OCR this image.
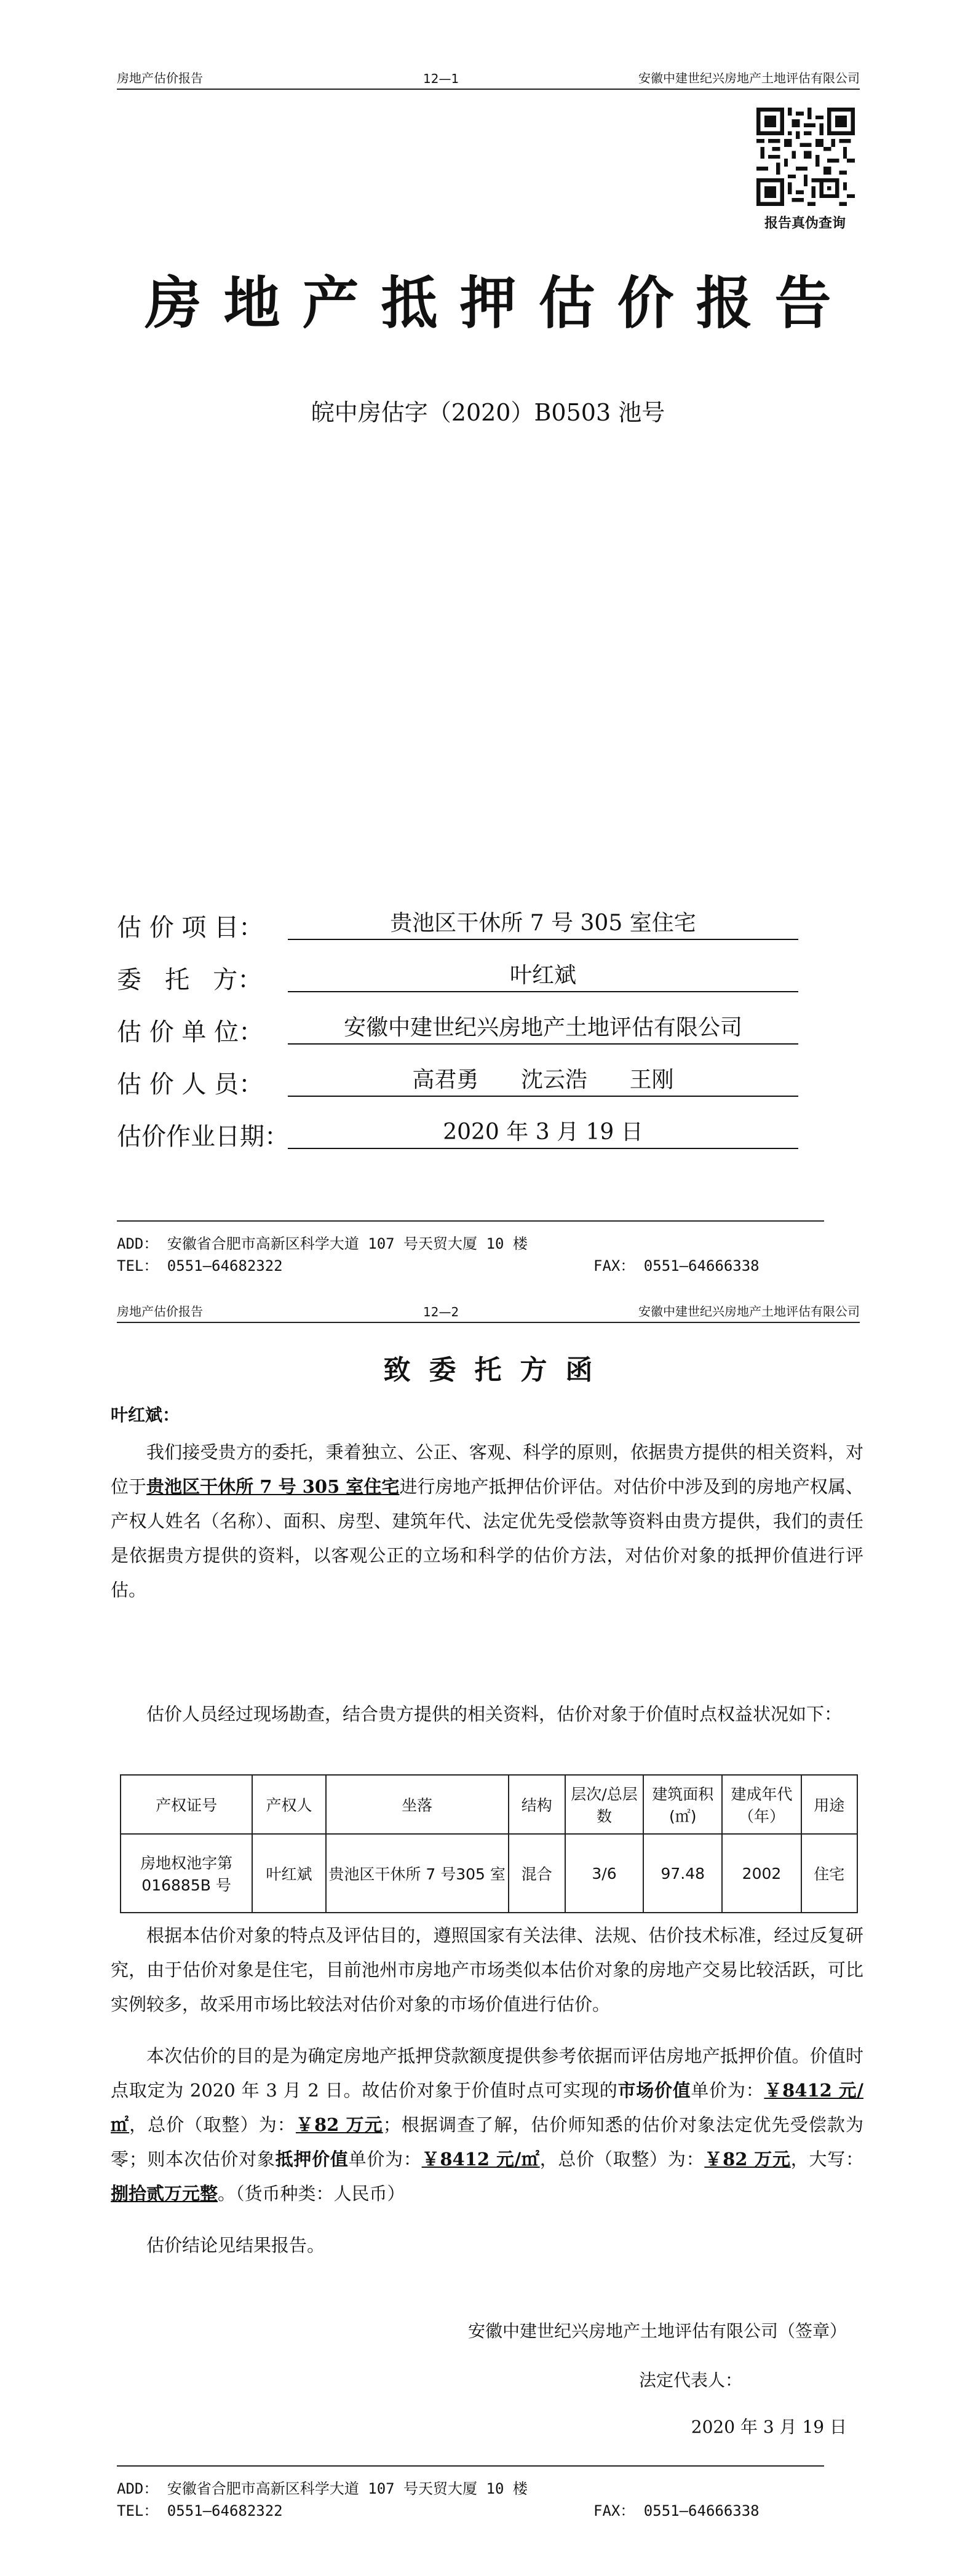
房地产估价报告	12—1	安徽中建世纪兴房地产土地评估有限公司
报告真伪查询
房地产抵押估价报告
皖中房估字（2020）B0503 池号
估 价 项 目：	贵池区干休所 7 号 305 室住宅
委   托   方：	叶红斌
估 价 单 位：	安徽中建世纪兴房地产土地评估有限公司
估 价 人 员：	高君勇      沈云浩      王刚
估价作业日期：	2020 年 3 月 19 日
ADD： 安徽省合肥市高新区科学大道 107 号天贸大厦 10 楼
TEL： 0551—64682322	FAX： 0551—64666338
房地产估价报告	12—2	安徽中建世纪兴房地产土地评估有限公司
致委托方函
叶红斌：

我们接受贵方的委托，秉着独立、公正、客观、科学的原则，依据贵方提供的相关资料，对位于贵池区干休所 7 号 305 室住宅进行房地产抵押估价评估。对估价中涉及到的房地产权属、产权人姓名（名称）、面积、房型、建筑年代、法定优先受偿款等资料由贵方提供，我们的责任是依据贵方提供的资料，以客观公正的立场和科学的估价方法，对估价对象的抵押价值进行评估。

估价人员经过现场勘查，结合贵方提供的相关资料，估价对象于价值时点权益状况如下：

产权证号	产权人	坐落	结构	层次/总层数	建筑面积(㎡)	建成年代（年）	用途
房地权池字第016885B 号	叶红斌	贵池区干休所 7 号305 室	混合	3/6	97.48	2002	住宅

根据本估价对象的特点及评估目的，遵照国家有关法律、法规、估价技术标准，经过反复研究，由于估价对象是住宅，目前池州市房地产市场类似本估价对象的房地产交易比较活跃，可比实例较多，故采用市场比较法对估价对象的市场价值进行估价。

本次估价的目的是为确定房地产抵押贷款额度提供参考依据而评估房地产抵押价值。价值时点取定为 2020 年 3 月 2 日。故估价对象于价值时点可实现的市场价值单价为：￥8412 元/㎡，总价（取整）为：￥82 万元；根据调查了解，估价师知悉的估价对象法定优先受偿款为零；则本次估价对象抵押价值单价为：￥8412 元/㎡，总价（取整）为：￥82 万元，大写：捌拾贰万元整。（货币种类：人民币）

估价结论见结果报告。

安徽中建世纪兴房地产土地评估有限公司（签章）
法定代表人：
2020 年 3 月 19 日
ADD： 安徽省合肥市高新区科学大道 107 号天贸大厦 10 楼
TEL： 0551—64682322	FAX： 0551—64666338
